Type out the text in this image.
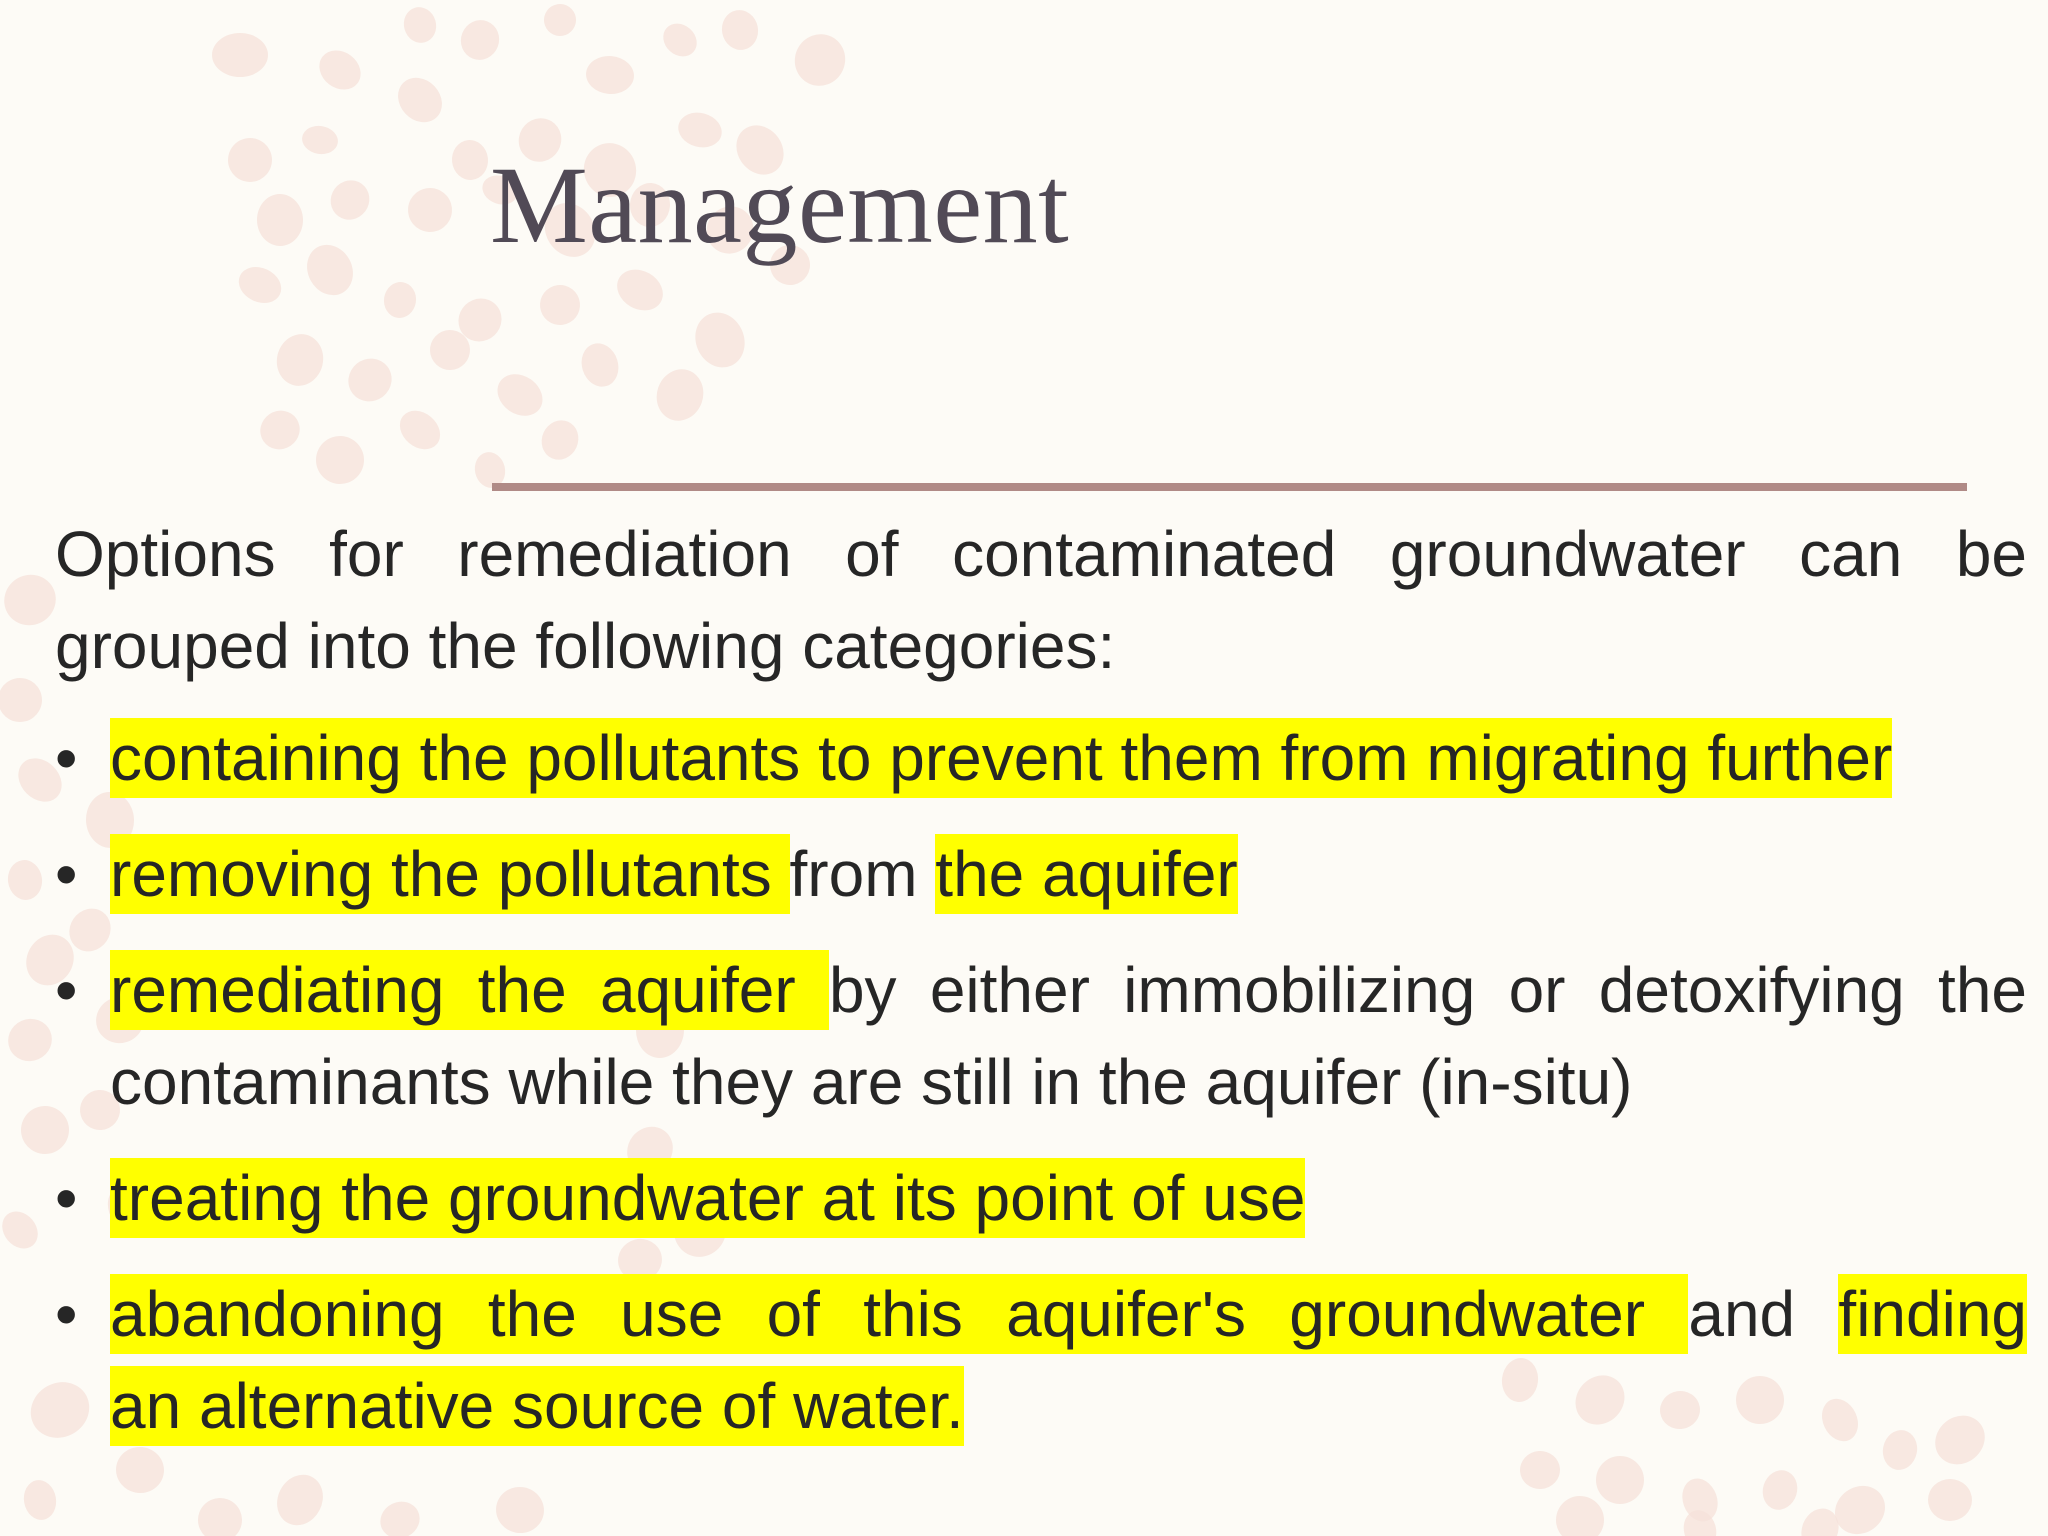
Management

Options for remediation of contaminated groundwater can be
grouped into the following categories:

• containing the pollutants to prevent them from migrating further
• removing the pollutants from the aquifer
• remediating the aquifer by either immobilizing or detoxifying the
contaminants while they are still in the aquifer (in-situ)
• treating the groundwater at its point of use
• abandoning the use of this aquifer's groundwater and finding
an alternative source of water.
